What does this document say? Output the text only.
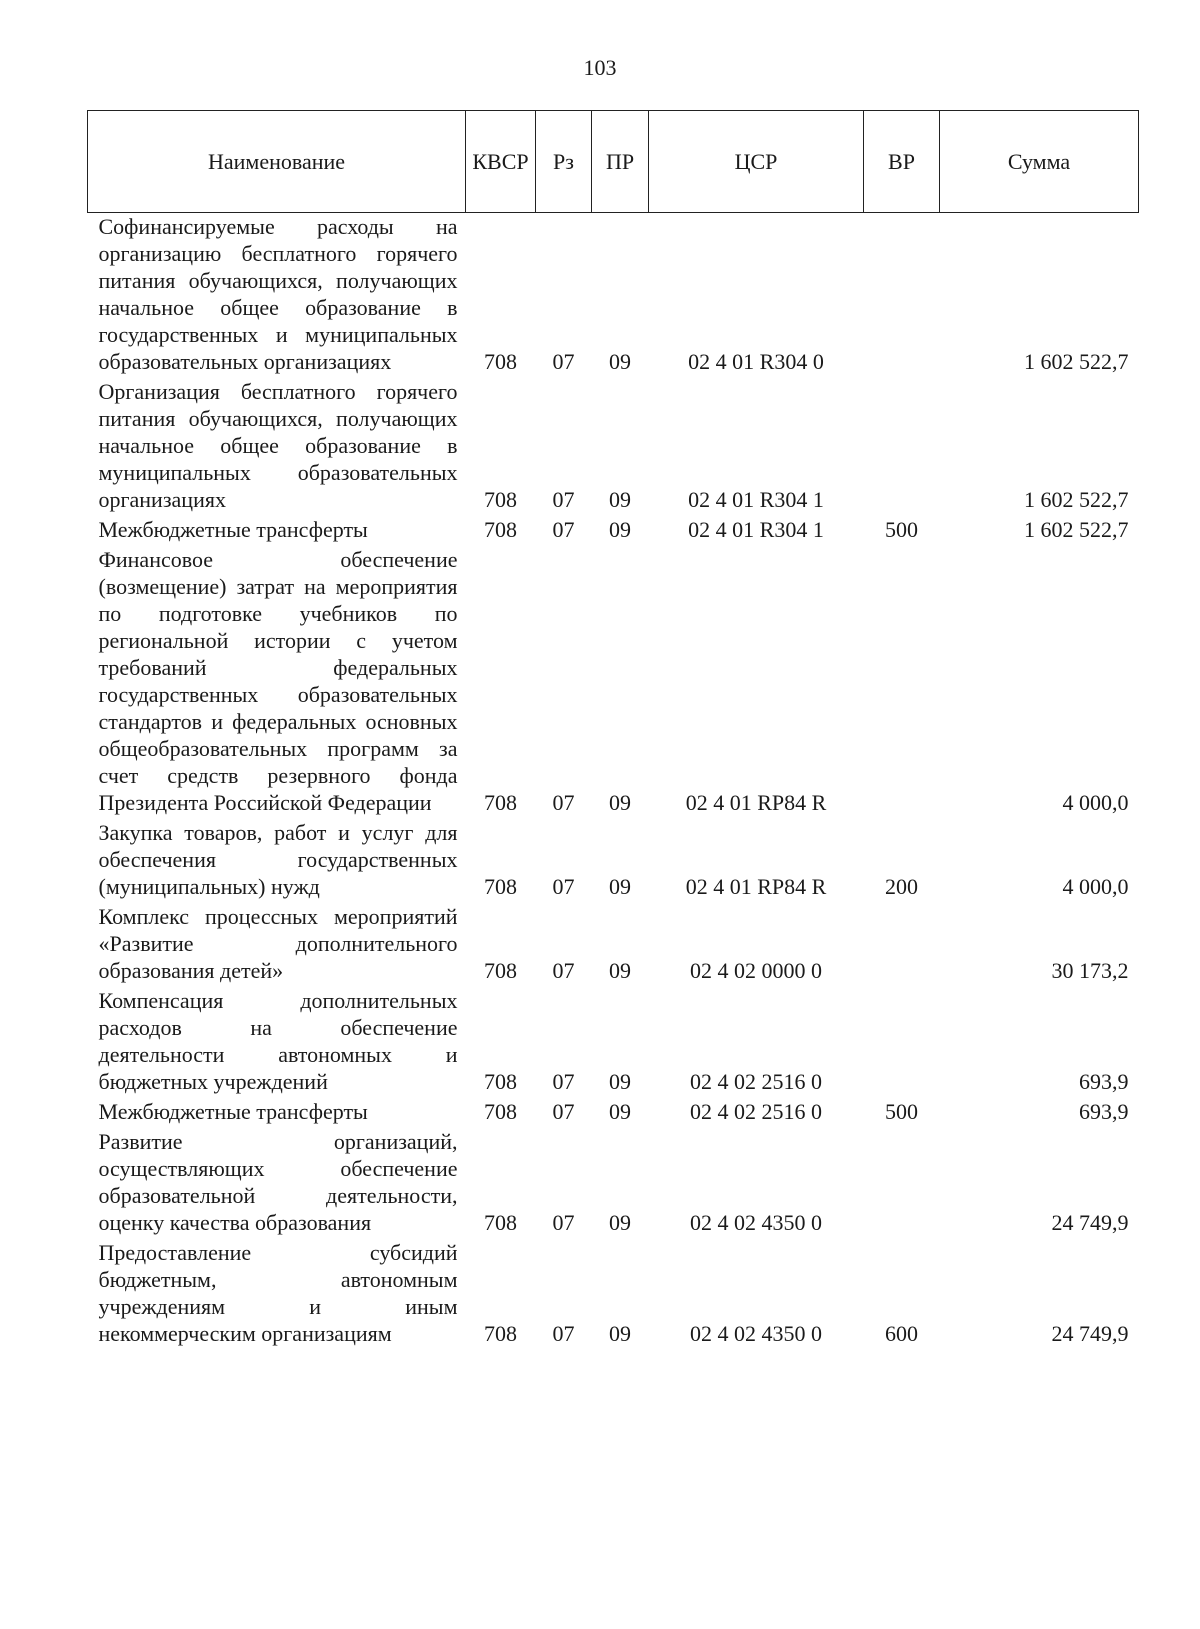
103
Наименование	КВСР	Рз	ПР	ЦСР	ВР	Сумма
Софинансируемые расходы на организацию бесплатного горячего питания обучающихся, получающих начальное общее образование в государственных и муниципальных образовательных организациях	708	07	09	02 4 01 R304 0		1 602 522,7
Организация бесплатного горячего питания обучающихся, получающих начальное общее образование в муниципальных образовательных организациях	708	07	09	02 4 01 R304 1		1 602 522,7
Межбюджетные трансферты	708	07	09	02 4 01 R304 1	500	1 602 522,7
Финансовое обеспечение (возмещение) затрат на мероприятия по подготовке учебников по региональной истории с учетом требований федеральных государственных образовательных стандартов и федеральных основных общеобразовательных программ за счет средств резервного фонда Президента Российской Федерации	708	07	09	02 4 01 RP84 R		4 000,0
Закупка товаров, работ и услуг для обеспечения государственных (муниципальных) нужд	708	07	09	02 4 01 RP84 R	200	4 000,0
Комплекс процессных мероприятий «Развитие дополнительного образования детей»	708	07	09	02 4 02 0000 0		30 173,2
Компенсация дополнительных расходов на обеспечение деятельности автономных и бюджетных учреждений	708	07	09	02 4 02 2516 0		693,9
Межбюджетные трансферты	708	07	09	02 4 02 2516 0	500	693,9
Развитие организаций, осуществляющих обеспечение образовательной деятельности, оценку качества образования	708	07	09	02 4 02 4350 0		24 749,9
Предоставление субсидий бюджетным, автономным учреждениям и иным некоммерческим организациям	708	07	09	02 4 02 4350 0	600	24 749,9
